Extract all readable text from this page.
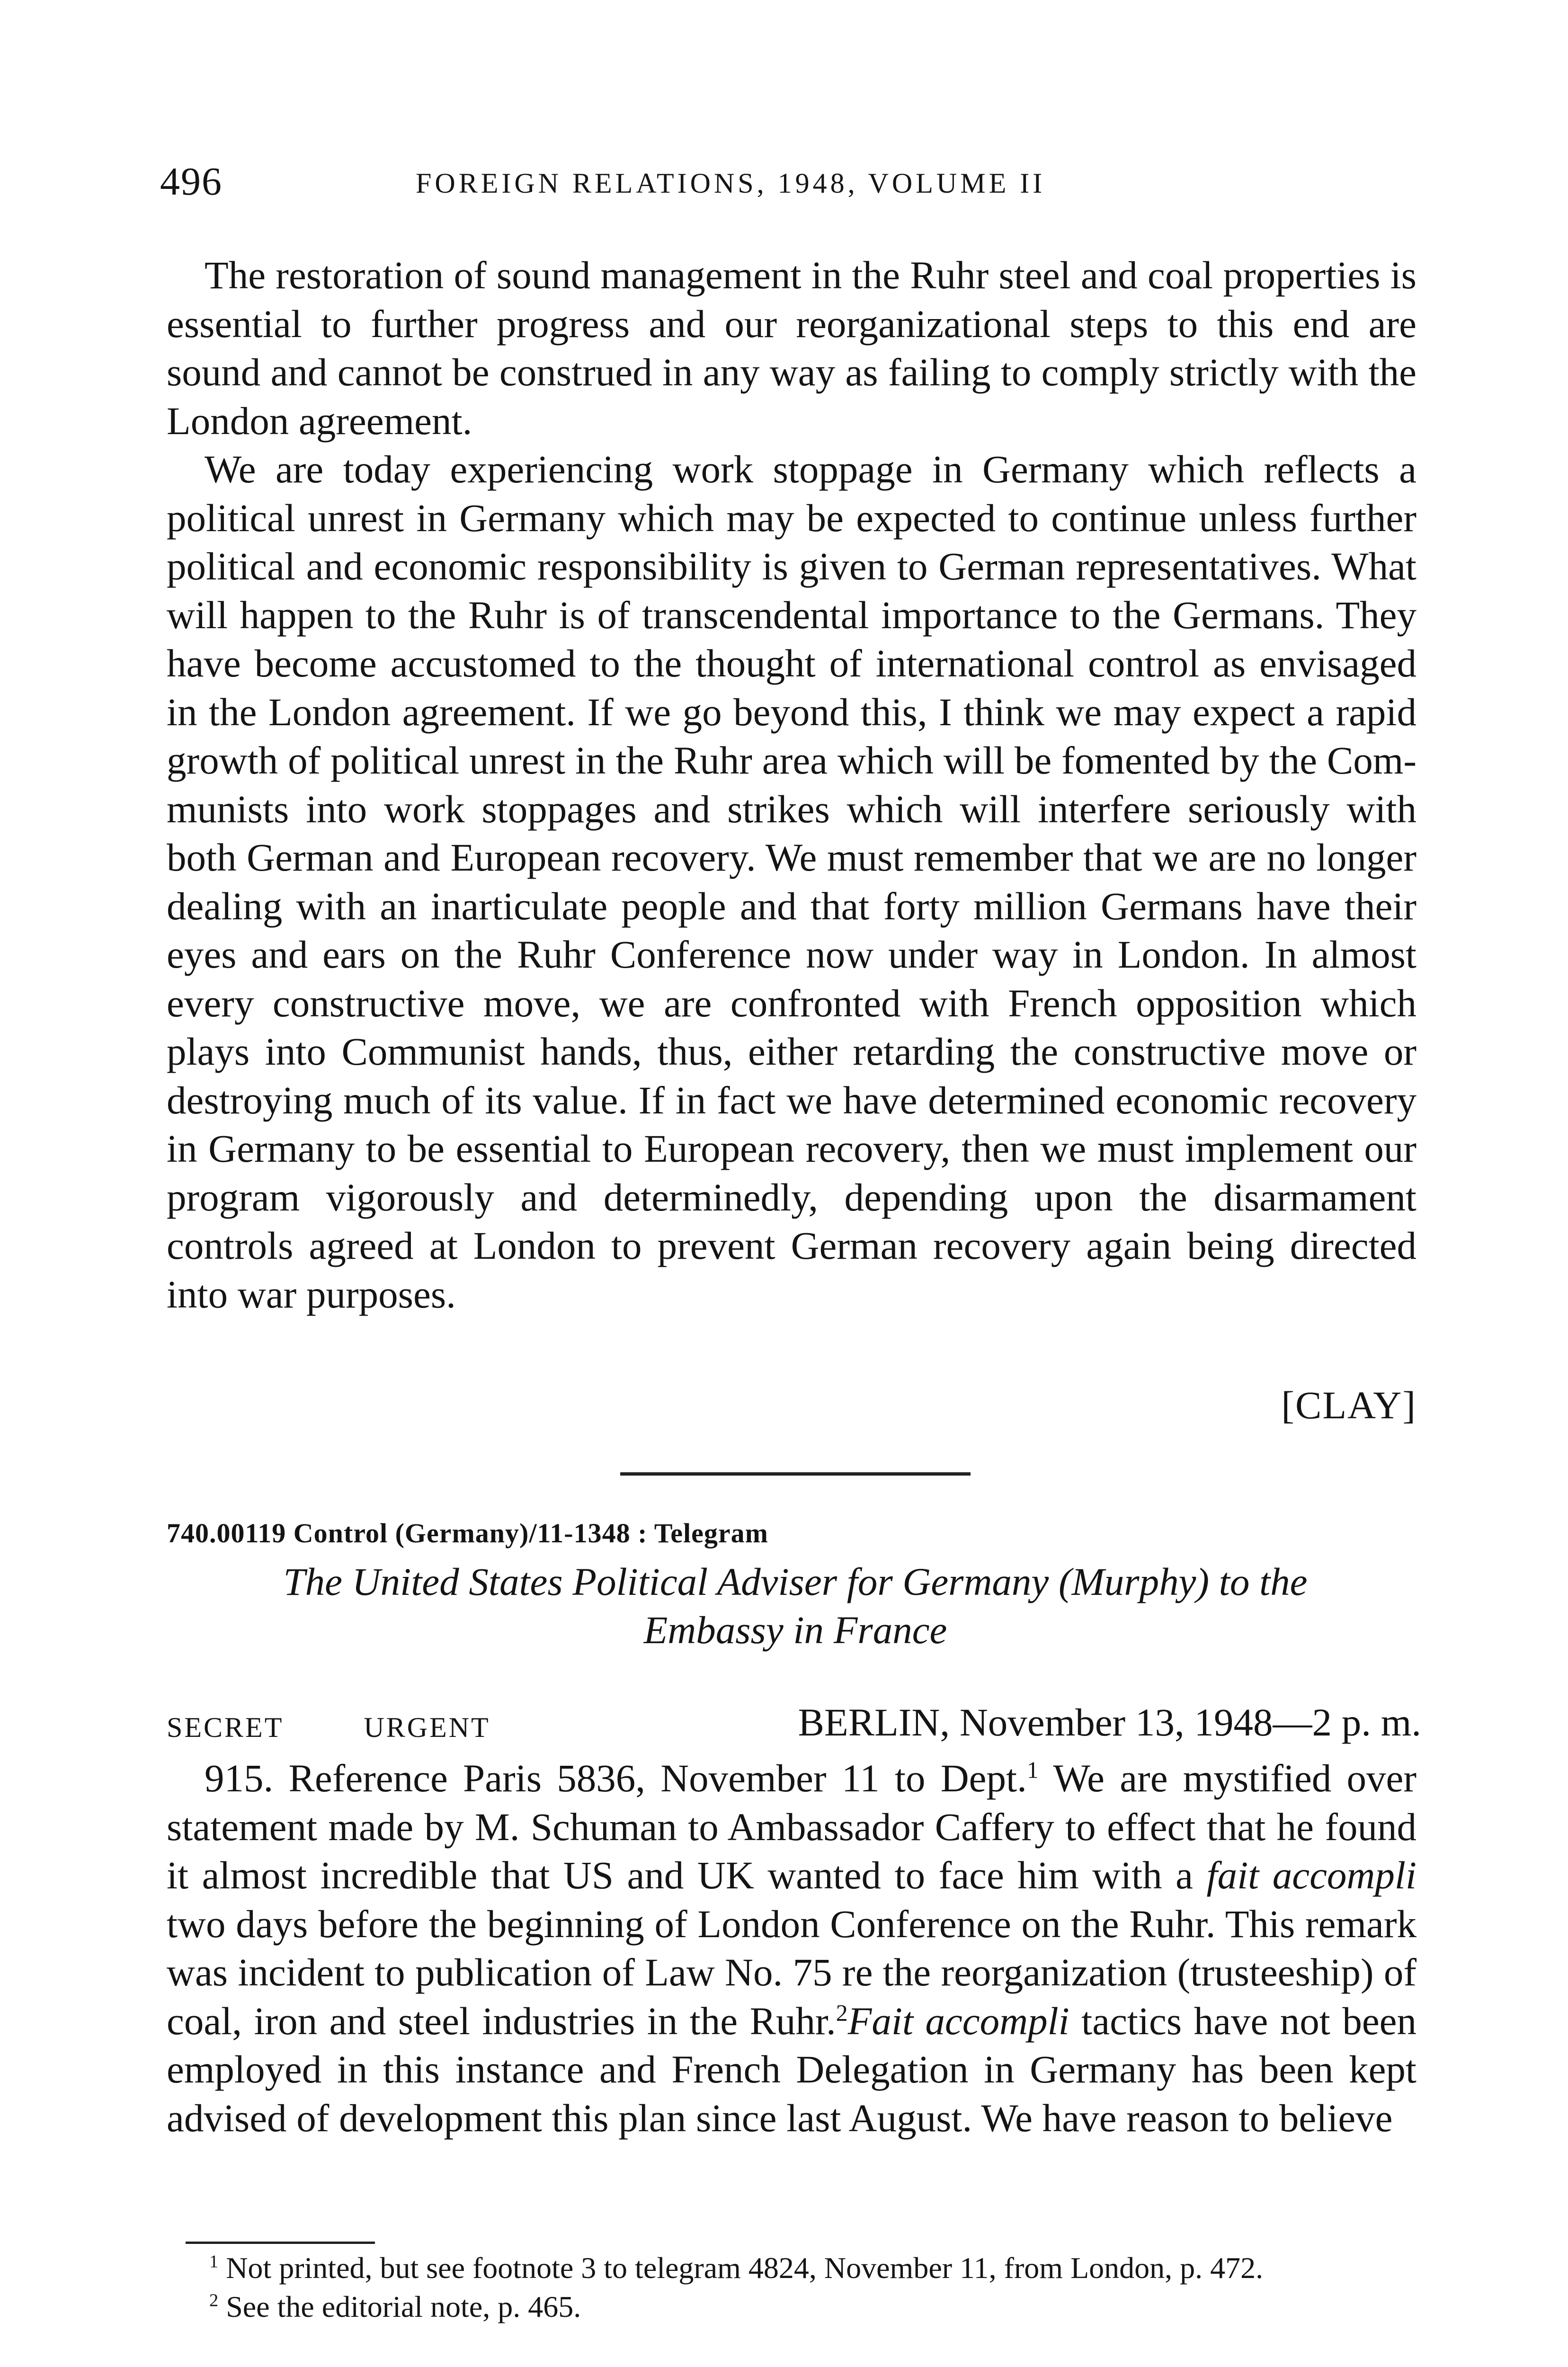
496	FOREIGN RELATIONS, 1948, VOLUME II

The restoration of sound management in the Ruhr steel and coal properties is essential to further progress and our reorganizational steps to this end are sound and cannot be construed in any way as failing to comply strictly with the London agreement.

We are today experiencing work stoppage in Germany which reflects a political unrest in Germany which may be expected to continue unless further political and economic responsibility is given to German representatives. What will happen to the Ruhr is of transcendental importance to the Germans. They have become accustomed to the thought of international control as envisaged in the London agreement. If we go beyond this, I think we may expect a rapid growth of political unrest in the Ruhr area which will be fomented by the Communists into work stoppages and strikes which will interfere seriously with both German and European recovery. We must remember that we are no longer dealing with an inarticulate people and that forty million Germans have their eyes and ears on the Ruhr Conference now under way in London. In almost every constructive move, we are confronted with French opposition which plays into Communist hands, thus, either retarding the constructive move or destroying much of its value. If in fact we have determined economic recovery in Germany to be essential to European recovery, then we must implement our program vigorously and determinedly, depending upon the disarmament controls agreed at London to prevent German recovery again being directed into war purposes.

[CLAY]
740.00119 Control (Germany)/11-1348 : Telegram
The United States Political Adviser for Germany (Murphy) to the
Embassy in France
SECRET	URGENT	BERLIN, November 13, 1948—2 p. m.

915. Reference Paris 5836, November 11 to Dept.$^1$ We are mystified over statement made by M. Schuman to Ambassador Caffery to effect that he found it almost incredible that US and UK wanted to face him with a fait accompli two days before the beginning of London Conference on the Ruhr. This remark was incident to publication of Law No. 75 re the reorganization (trusteeship) of coal, iron and steel industries in the Ruhr.$^2$Fait accompli tactics have not been employed in this instance and French Delegation in Germany has been kept advised of development this plan since last August. We have reason to believe

$^1$ Not printed, but see footnote 3 to telegram 4824, November 11, from London, p. 472.

$^2$ See the editorial note, p. 465.
